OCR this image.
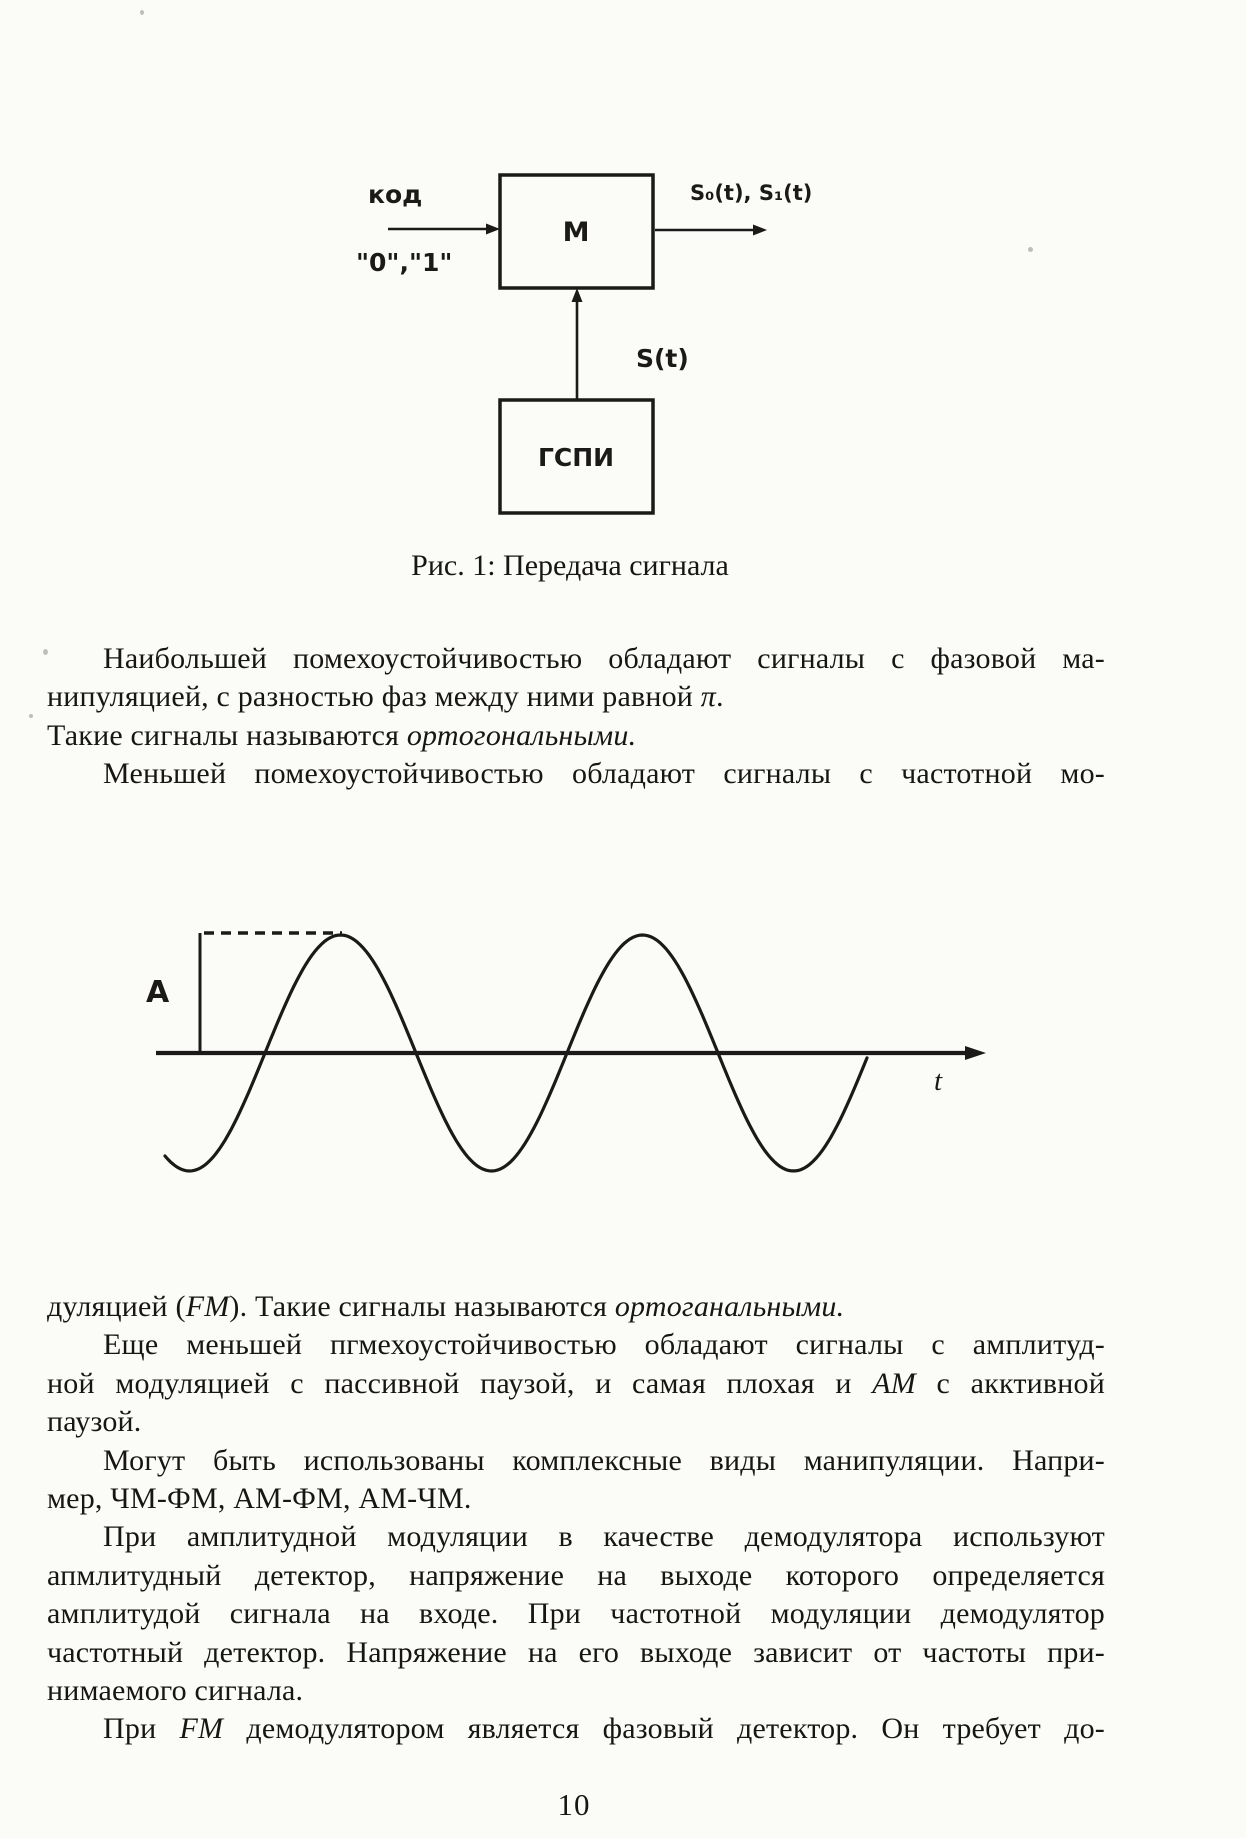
М
ГСПИ
код
"0","1"
S₀(t), S₁(t)
S(t)
Рис. 1: Передача сигнала
Наибольшей помехоустойчивостью обладают сигналы с фазовой ма-
нипуляцией, с разностью фаз между ними равной π.
Такие сигналы называются ортогональными.
Меньшей помехоустойчивостью обладают сигналы с частотной мо-
A
t
дуляцией (FM). Такие сигналы называются ортоганальными.
Еще меньшей пгмехоустойчивостью обладают сигналы с амплитуд-
ной модуляцией с пассивной паузой, и самая плохая и АМ с акктивной
паузой.
Могут быть использованы комплексные виды манипуляции. Напри-
мер, ЧМ-ФМ, АМ-ФМ, АМ-ЧМ.
При амплитудной модуляции в качестве демодулятора используют
апмлитудный детектор, напряжение на выходе которого определяется
амплитудой сигнала на входе. При частотной модуляции демодулятор
частотный детектор. Напряжение на его выходе зависит от частоты при-
нимаемого сигнала.
При FM демодулятором является фазовый детектор. Он требует до-
10
